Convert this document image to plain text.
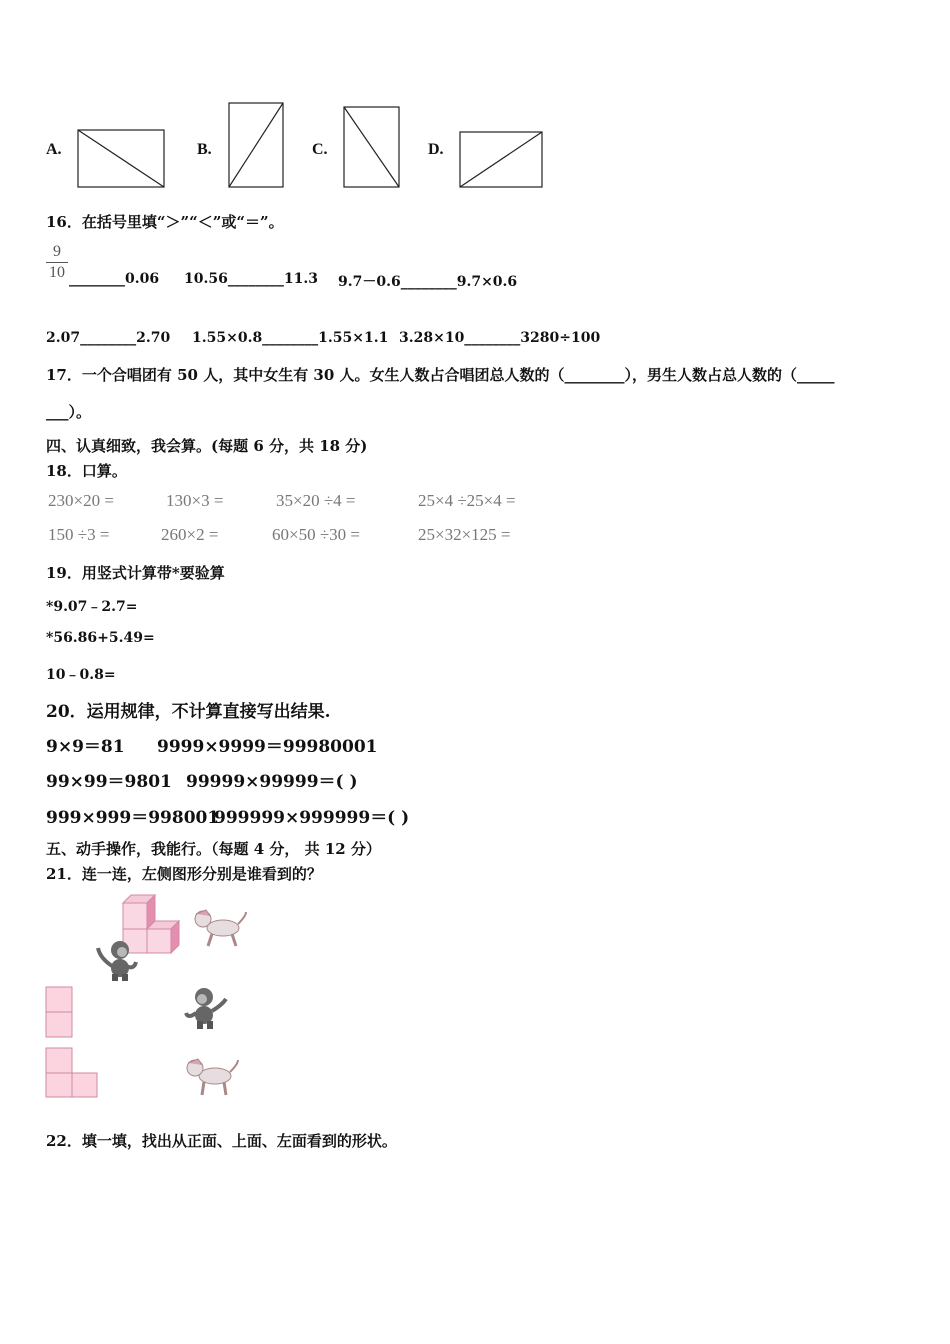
A.	B.	C.	D.
16．在括号里填“＞”“＜”或“＝”。
9
10 ________0.06 10.56________11.3 9.7－0.6________9.7×0.6
2.07________2.70 1.55×0.8________1.55×1.1 3.28×10________3280÷100
17．一个合唱团有 50 人，其中女生有 30 人。女生人数占合唱团总人数的（________），男生人数占总人数的（_____
___）。
四、认真细致，我会算。(每题 6 分，共 18 分)
18．口算。
230×20 =	130×3 =	35×20 ÷4 =	25×4 ÷25×4 =
150 ÷3 =	260×2 =	60×50 ÷30 =	25×32×125 =
19．用竖式计算带*要验算
*9.07﹣2.7=
*56.86+5.49=
10﹣0.8=
20．运用规律，不计算直接写出结果.
9×9＝81 9999×9999＝99980001
99×99＝9801 99999×99999＝( )
999×999＝998001
999999×999999＝( )
五、动手操作，我能行。（每题 4 分， 共 12 分）
21．连一连，左侧图形分别是谁看到的？
22．填一填，找出从正面、上面、左面看到的形状。
